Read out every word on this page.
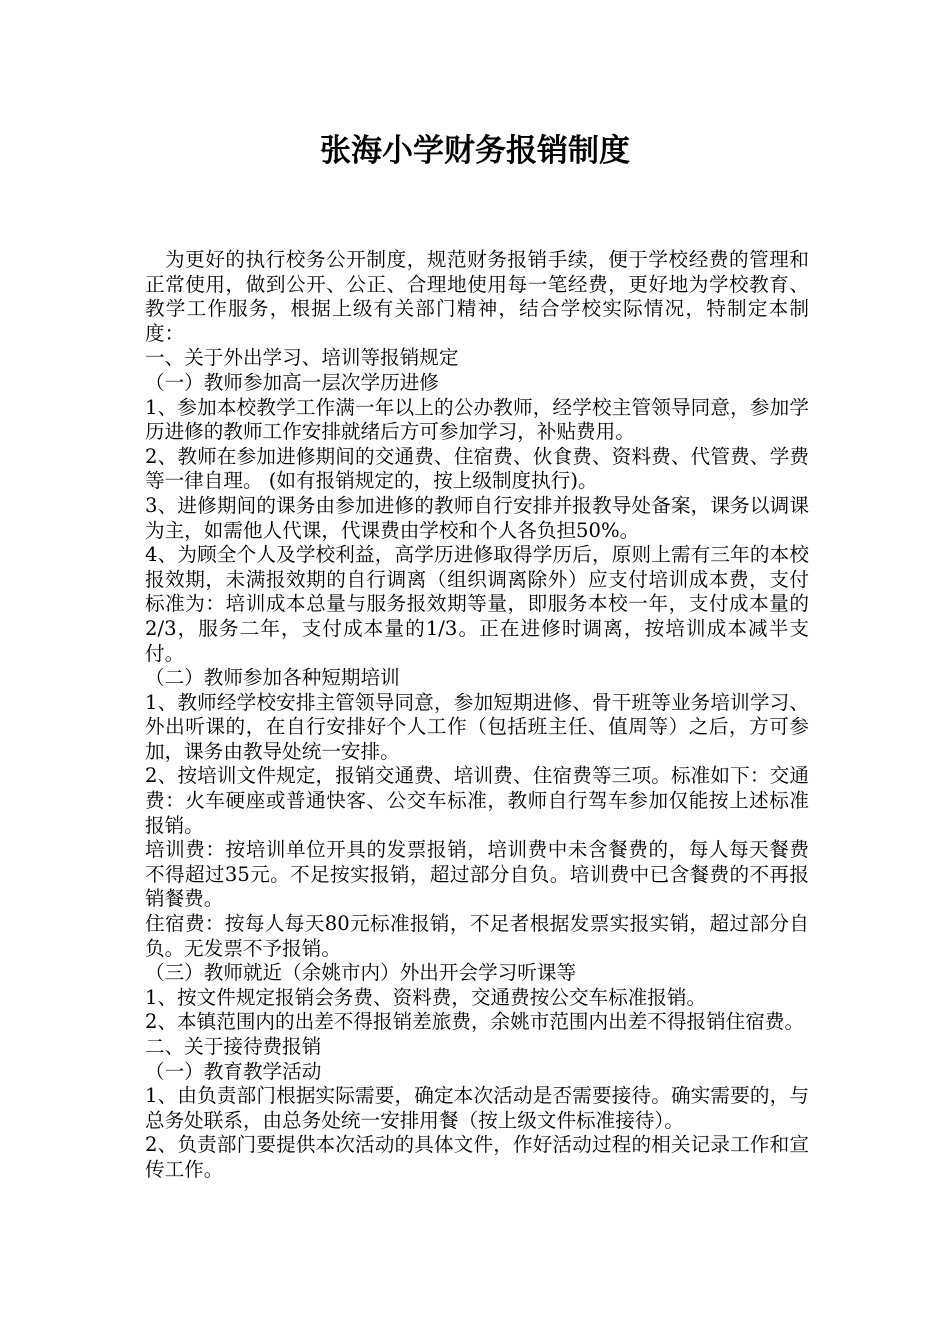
张海小学财务报销制度

为更好的执行校务公开制度，规范财务报销手续，便于学校经费的管理和正常使用，做到公开、公正、合理地使用每一笔经费，更好地为学校教育、教学工作服务，根据上级有关部门精神，结合学校实际情况，特制定本制度：

一、关于外出学习、培训等报销规定

（一）教师参加高一层次学历进修

1、参加本校教学工作满一年以上的公办教师，经学校主管领导同意，参加学历进修的教师工作安排就绪后方可参加学习，补贴费用。

2、教师在参加进修期间的交通费、住宿费、伙食费、资料费、代管费、学费等一律自理。 (如有报销规定的，按上级制度执行)。

3、进修期间的课务由参加进修的教师自行安排并报教导处备案，课务以调课为主，如需他人代课，代课费由学校和个人各负担50%。

4、为顾全个人及学校利益，高学历进修取得学历后，原则上需有三年的本校报效期，未满报效期的自行调离（组织调离除外）应支付培训成本费，支付标准为：培训成本总量与服务报效期等量，即服务本校一年，支付成本量的2/3，服务二年，支付成本量的1/3。正在进修时调离，按培训成本减半支付。

（二）教师参加各种短期培训

1、教师经学校安排主管领导同意，参加短期进修、骨干班等业务培训学习、外出听课的，在自行安排好个人工作（包括班主任、值周等）之后，方可参加，课务由教导处统一安排。

2、按培训文件规定，报销交通费、培训费、住宿费等三项。标准如下：交通费：火车硬座或普通快客、公交车标准，教师自行驾车参加仅能按上述标准报销。

培训费：按培训单位开具的发票报销，培训费中未含餐费的，每人每天餐费不得超过35元。不足按实报销，超过部分自负。培训费中已含餐费的不再报销餐费。

住宿费：按每人每天80元标准报销，不足者根据发票实报实销，超过部分自负。无发票不予报销。

（三）教师就近（余姚市内）外出开会学习听课等

1、按文件规定报销会务费、资料费，交通费按公交车标准报销。

2、本镇范围内的出差不得报销差旅费，余姚市范围内出差不得报销住宿费。

二、关于接待费报销

（一）教育教学活动

1、由负责部门根据实际需要，确定本次活动是否需要接待。确实需要的，与总务处联系，由总务处统一安排用餐（按上级文件标准接待）。

2、负责部门要提供本次活动的具体文件，作好活动过程的相关记录工作和宣传工作。
